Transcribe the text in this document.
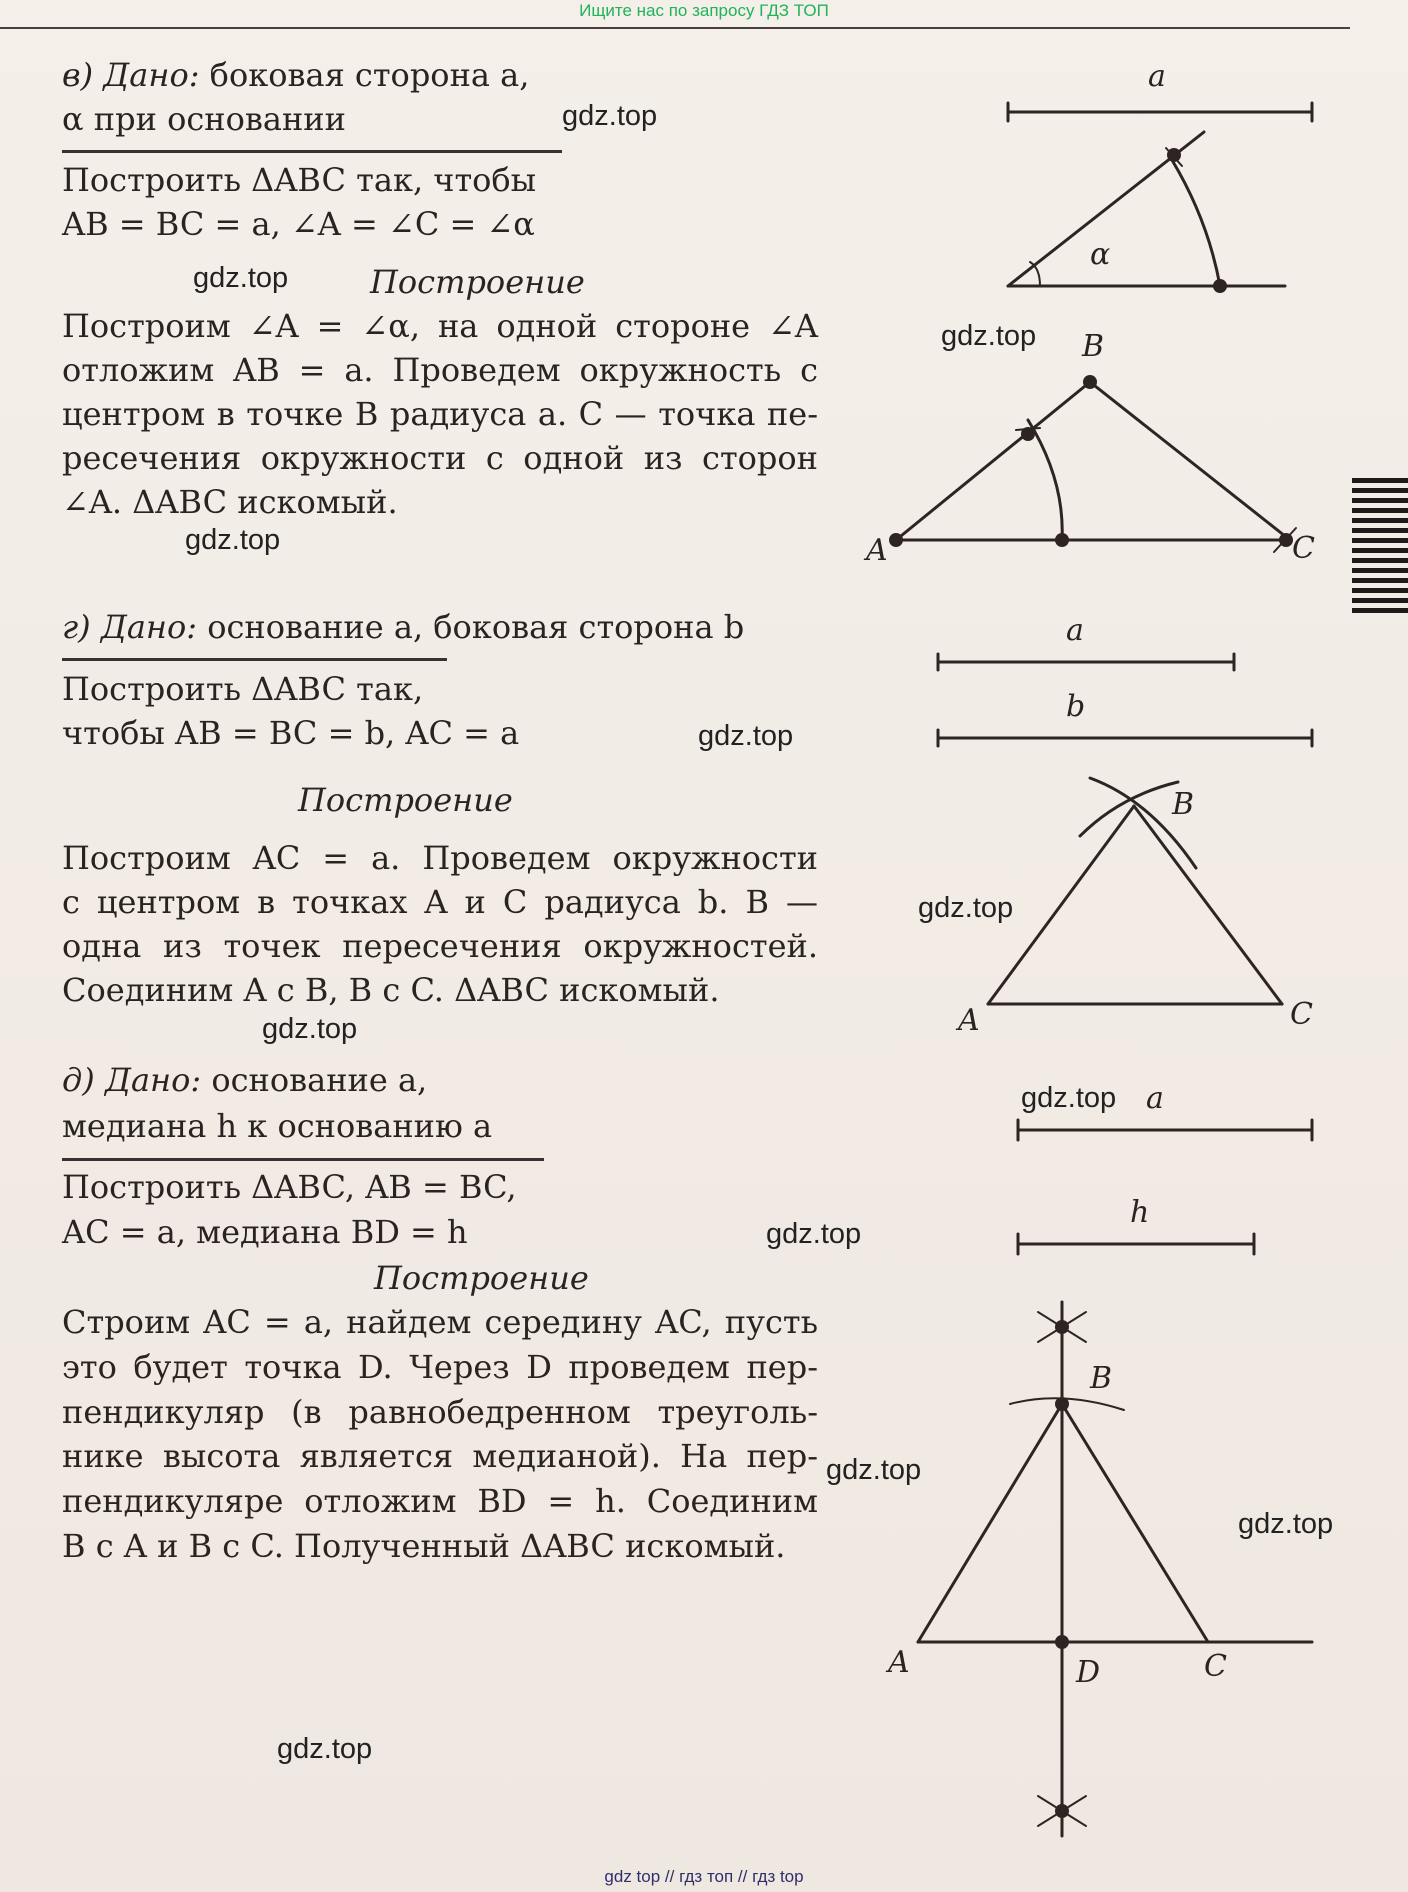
Ищите нас по запросу ГДЗ ТОП
в) Дано: боковая сторона a,
α при основании
Построить ΔABC так, чтобы
AB = BC = a, ∠A = ∠C = ∠α
Построение
Построим ∠A = ∠α, на одной стороне ∠A
отложим AB = a. Проведем окружность с
центром в точке B радиуса a. C — точка пе-
ресечения окружности с одной из сторон
∠A. ΔABC искомый.
г) Дано: основание a, боковая сторона b
Построить ΔABC так,
чтобы AB = BC = b, AC = a
Построение
Построим AC = a. Проведем окружности
с центром в точках A и C радиуса b. B —
одна из точек пересечения окружностей.
Соединим A с B, B с C. ΔABC искомый.
д) Дано: основание a,
медиана h к основанию a
Построить ΔABC, AB = BC,
AC = a, медиана BD = h
Построение
Строим AC = a, найдем середину AC, пусть
это будет точка D. Через D проведем пер-
пендикуляр (в равнобедренном треуголь-
нике высота является медианой). На пер-
пендикуляре отложим BD = h. Соединим
B с A и B с C. Полученный ΔABC искомый.
gdz.top
gdz.top
gdz.top
gdz.top
gdz.top
gdz.top
gdz.top
gdz.top
gdz.top
gdz.top
gdz.top
gdz.top
a
α
B
A	C
a
b
B
A	C
a
h
B
A	D	C
gdz top // гдз топ // гдз top
